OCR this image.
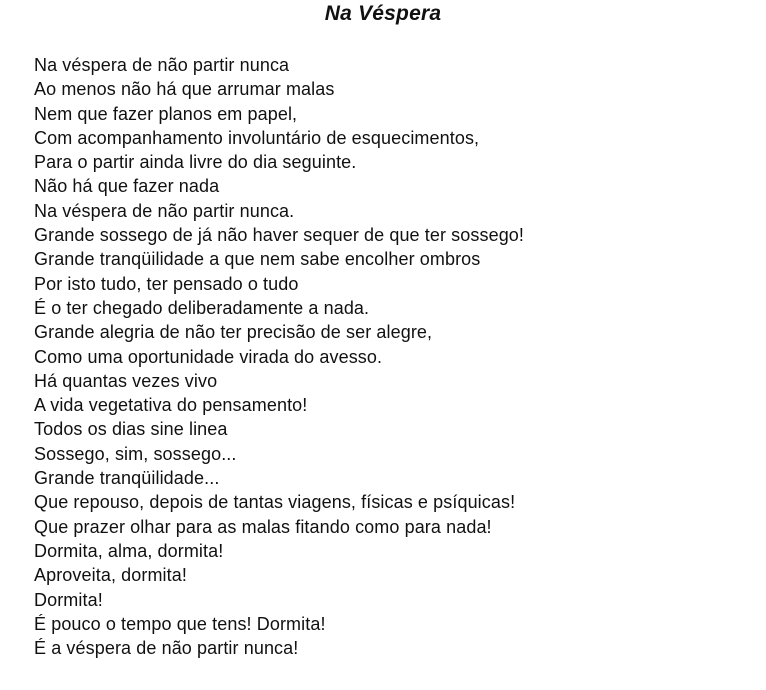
Na Véspera
Na véspera de não partir nunca
Ao menos não há que arrumar malas
Nem que fazer planos em papel,
Com acompanhamento involuntário de esquecimentos,
Para o partir ainda livre do dia seguinte.
Não há que fazer nada
Na véspera de não partir nunca.
Grande sossego de já não haver sequer de que ter sossego!
Grande tranqüilidade a que nem sabe encolher ombros
Por isto tudo, ter pensado o tudo
É o ter chegado deliberadamente a nada.
Grande alegria de não ter precisão de ser alegre,
Como uma oportunidade virada do avesso.
Há quantas vezes vivo
A vida vegetativa do pensamento!
Todos os dias sine linea
Sossego, sim, sossego...
Grande tranqüilidade...
Que repouso, depois de tantas viagens, físicas e psíquicas!
Que prazer olhar para as malas fitando como para nada!
Dormita, alma, dormita!
Aproveita, dormita!
Dormita!
É pouco o tempo que tens! Dormita!
É a véspera de não partir nunca!
